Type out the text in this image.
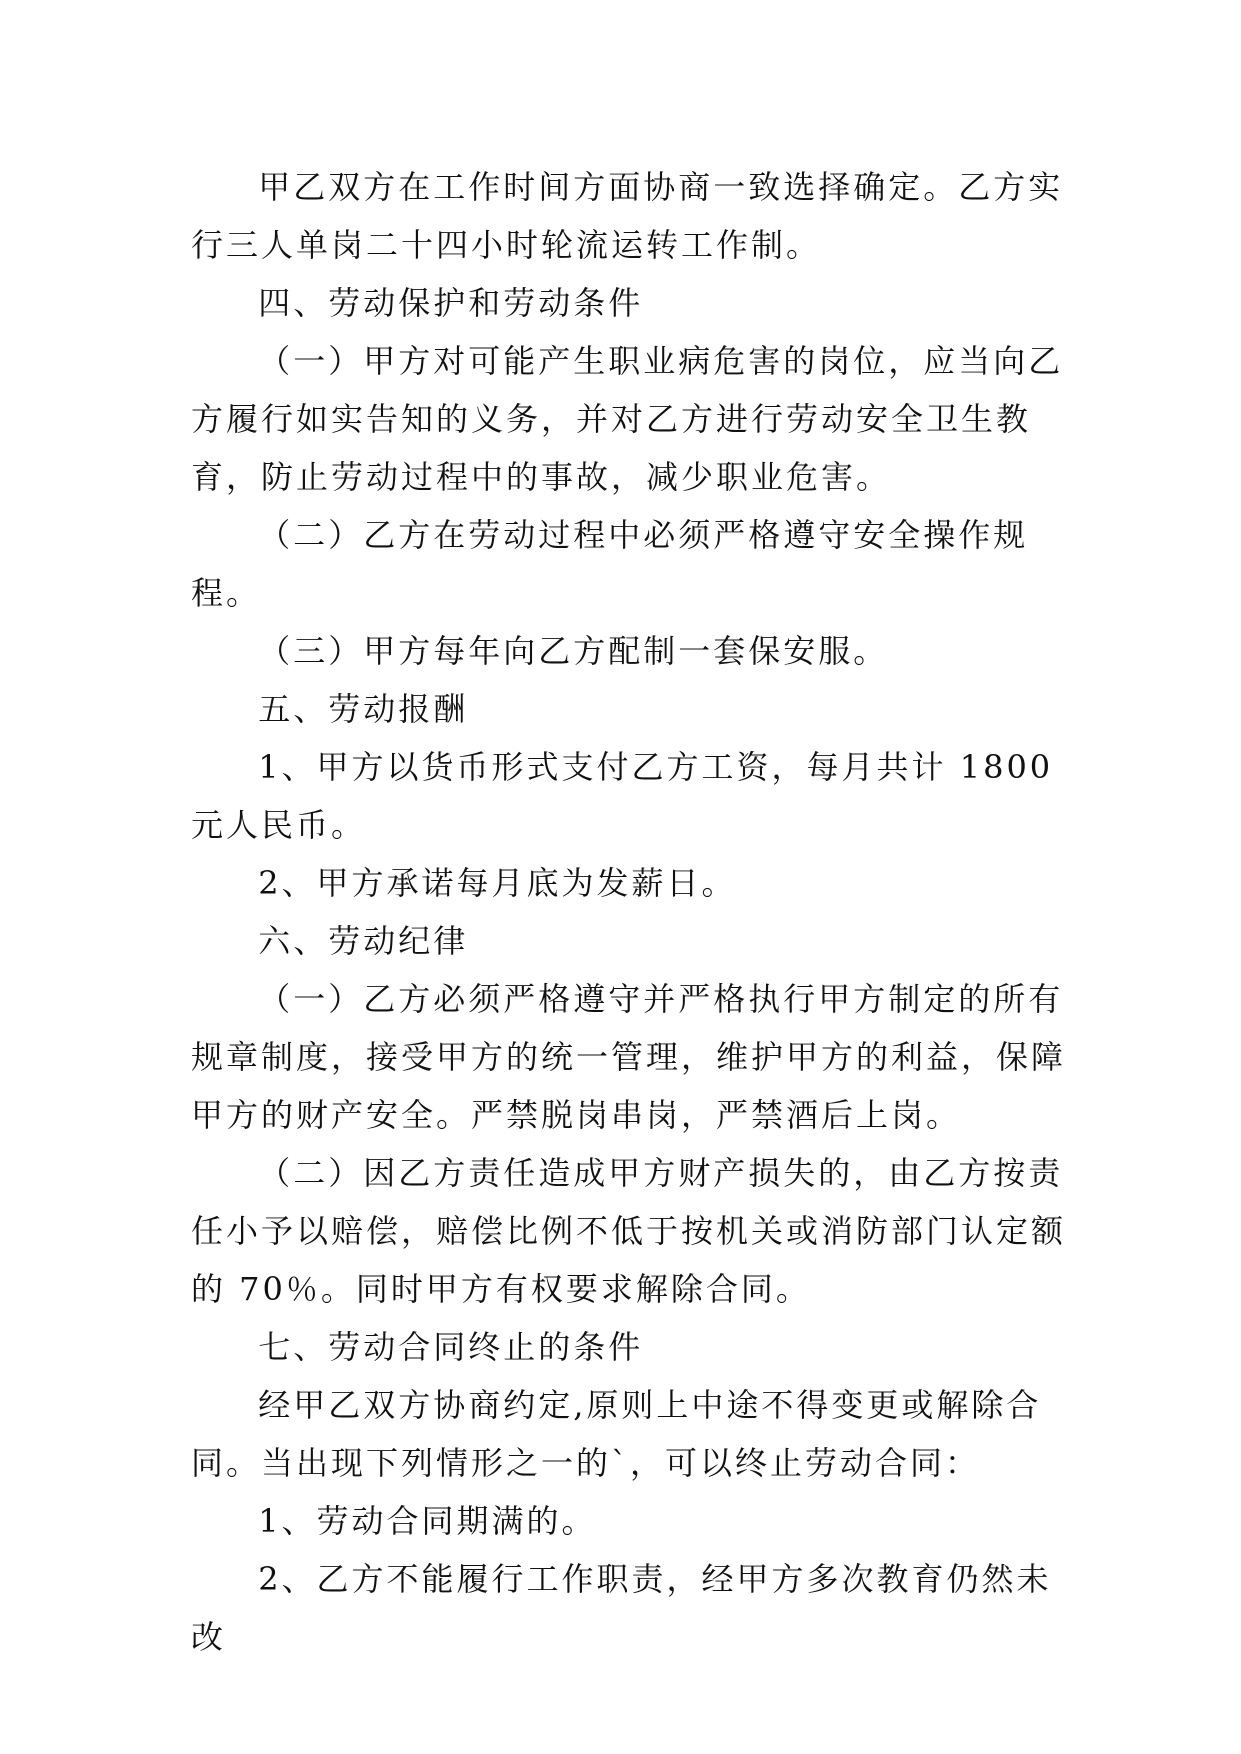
甲乙双方在工作时间方面协商一致选择确定。乙方实行三人单岗二十四小时轮流运转工作制。

四、劳动保护和劳动条件

（一）甲方对可能产生职业病危害的岗位，应当向乙方履行如实告知的义务，并对乙方进行劳动安全卫生教育，防止劳动过程中的事故，减少职业危害。

（二）乙方在劳动过程中必须严格遵守安全操作规程。

（三）甲方每年向乙方配制一套保安服。

五、劳动报酬

1、甲方以货币形式支付乙方工资，每月共计 1800 元人民币。

2、甲方承诺每月底为发薪日。

六、劳动纪律

（一）乙方必须严格遵守并严格执行甲方制定的所有规章制度，接受甲方的统一管理，维护甲方的利益，保障甲方的财产安全。严禁脱岗串岗，严禁酒后上岗。

（二）因乙方责任造成甲方财产损失的，由乙方按责任小予以赔偿，赔偿比例不低于按机关或消防部门认定额的 70％。同时甲方有权要求解除合同。

七、劳动合同终止的条件

经甲乙双方协商约定,原则上中途不得变更或解除合同。当出现下列情形之一的`，可以终止劳动合同：

1、劳动合同期满的。

2、乙方不能履行工作职责，经甲方多次教育仍然未改
